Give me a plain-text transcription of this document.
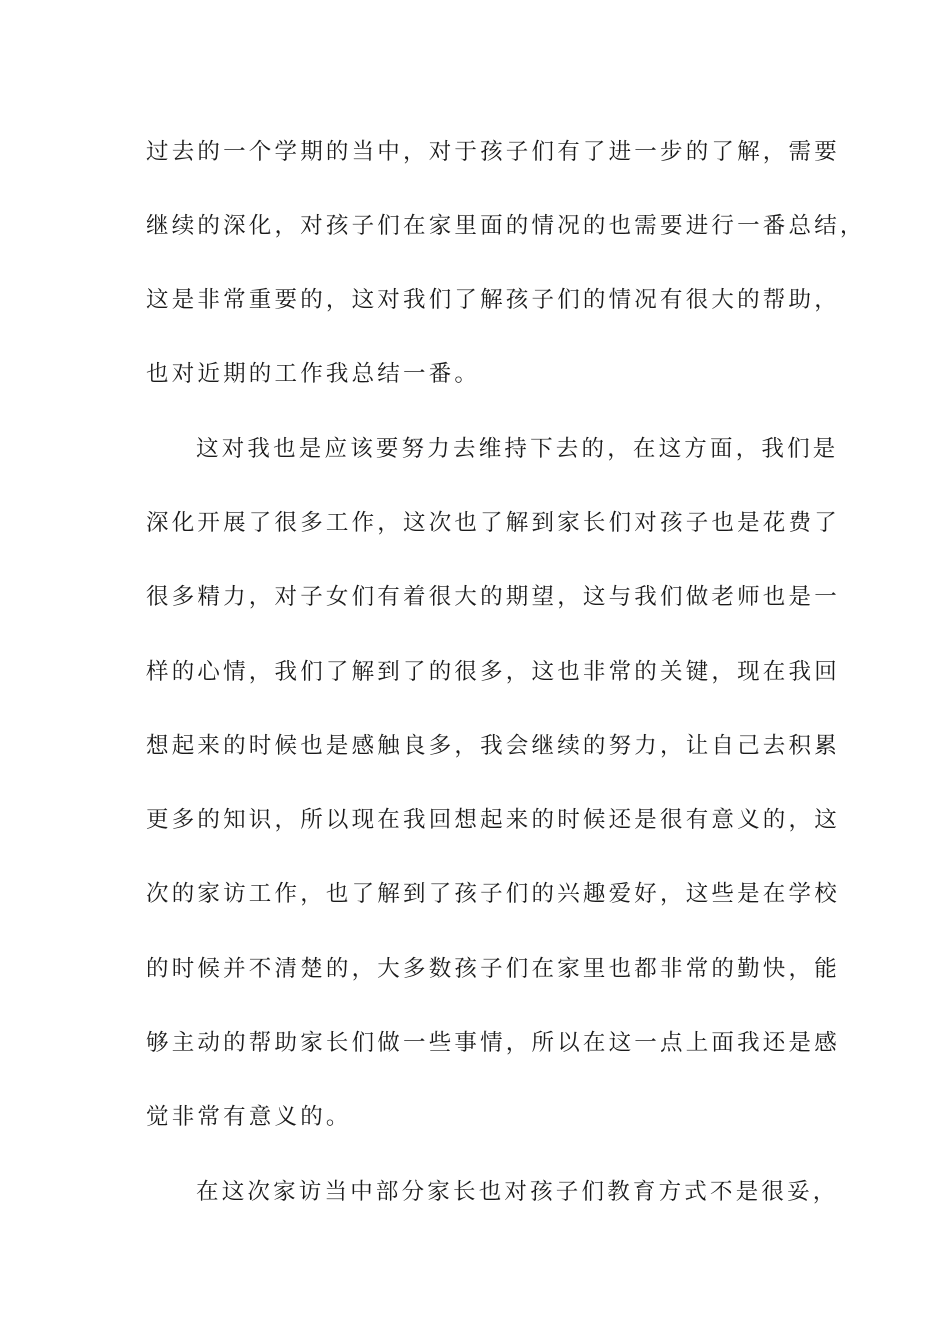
过去的一个学期的当中，对于孩子们有了进一步的了解，需要
继续的深化，对孩子们在家里面的情况的也需要进行一番总结，
这是非常重要的，这对我们了解孩子们的情况有很大的帮助，
也对近期的工作我总结一番。
这对我也是应该要努力去维持下去的，在这方面，我们是
深化开展了很多工作，这次也了解到家长们对孩子也是花费了
很多精力，对子女们有着很大的期望，这与我们做老师也是一
样的心情，我们了解到了的很多，这也非常的关键，现在我回
想起来的时候也是感触良多，我会继续的努力，让自己去积累
更多的知识，所以现在我回想起来的时候还是很有意义的，这
次的家访工作，也了解到了孩子们的兴趣爱好，这些是在学校
的时候并不清楚的，大多数孩子们在家里也都非常的勤快，能
够主动的帮助家长们做一些事情，所以在这一点上面我还是感
觉非常有意义的。
在这次家访当中部分家长也对孩子们教育方式不是很妥，
